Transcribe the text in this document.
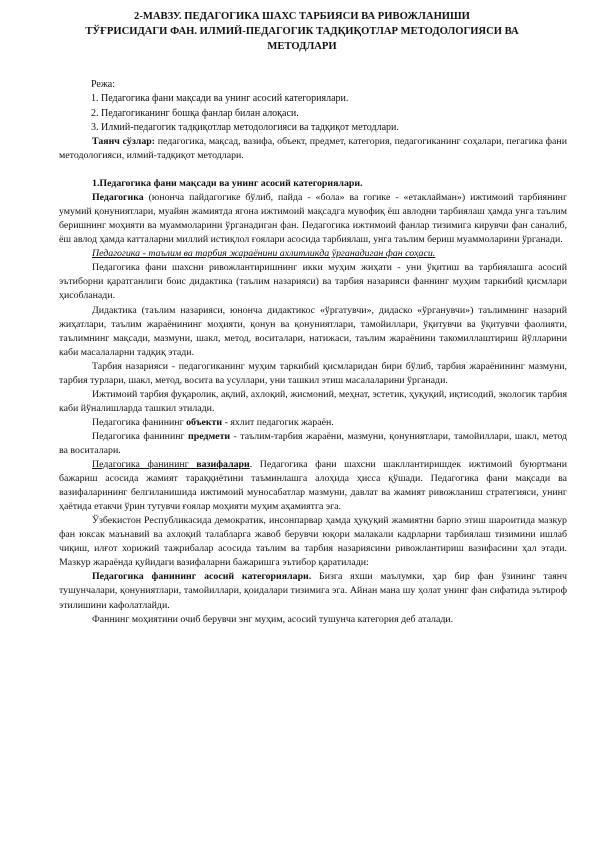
2-МАВЗУ. ПЕДАГОГИКА ШАХС ТАРБИЯСИ ВА РИВОЖЛАНИШИ
ТЎҒРИСИДАГИ ФАН. ИЛМИЙ-ПЕДАГОГИК ТАДҚИҚОТЛАР МЕТОДОЛОГИЯСИ ВА
МЕТОДЛАРИ
Режа:
1. Педагогика фани мақсади ва унинг асосий категориялари.
2. Педагогиканинг бошқа фанлар билан алоқаси.
3. Илмий-педагогик тадқиқотлар методологияси ва тадқиқот методлари.

Таянч сўзлар: педагогика, мақсад, вазифа, объект, предмет, категория, педагогиканинг соҳалари, пегагика фани методологияси, илмий-тадқиқот методлари.

1.Педагогика фани мақсади ва унинг асосий категориялари.

Педагогика (юнонча пайдагогике бўлиб, пайда - «бола» ва гогике - «етаклайман») ижтимоий тарбиянинг умумий қонуниятлари, муайян жамиятда ягона ижтимоий мақсадга мувофиқ ёш авлодни тарбиялаш ҳамда унга таълим беришнинг моҳияти ва муаммоларини ўрганадиган фан. Педагогика ижтимоий фанлар тизимига кирувчи фан саналиб, ёш авлод ҳамда катталарни миллий истиқлол ғоялари асосида тарбиялаш, унга таълим бериш муаммоларини ўрганади.

Педагогика - таълим ва тарбия жараёнини ахлитликда ўрганадиган фан соҳаси.

Педагогика фани шахсни ривожлантиришнинг икки муҳим жиҳати - уни ўқитиш ва тарбиялашга асосий эътиборни қаратганлиги боис дидактика (таълим назарияси) ва тарбия назарияси фаннинг муҳим таркибий қисмлари ҳисобланади.

Дидактика (таълим назарияси, юнонча дидактикос «ўргатувчи», дидаско «ўрганувчи») таълимнинг назарий жиҳатлари, таълим жараёнининг моҳияти, қонун ва қонуниятлари, тамойиллари, ўқитувчи ва ўқитувчи фаолияти, таълимнинг мақсади, мазмуни, шакл, метод, воситалари, натижаси, таълим жараёнини такомиллаштириш йўлларини каби масалаларни тадқиқ этади.

Тарбия назарияси - педагогиканинг муҳим таркибий қисмларидан бири бўлиб, тарбия жараёнининг мазмуни, тарбия турлари, шакл, метод, восита ва усуллари, уни ташкил этиш масалаларини ўрганади.

Ижтимоий тарбия фуқаролик, ақлий, ахлоқий, жисмоний, меҳнат, эстетик, ҳуқуқий, иқтисодий, экологик тарбия каби йўналишларда ташкил этилади.

Педагогика фанининг объекти - яхлит педагогик жараён.

Педагогика фанининг предмети - таълим-тарбия жараёни, мазмуни, қонуниятлари, тамойиллари, шакл, метод ва воситалари.

Педагогика фанининг вазифалари. Педагогика фани шахсни шакллантиришдек ижтимоий буюртмани бажариш асосида жамият тараққиётини таъминлашга алоҳида ҳисса қўшади. Педагогика фани мақсади ва вазифаларининг белгиланишида ижтимоий муносабатлар мазмуни, давлат ва жамият ривожланиш стратегияси, унинг ҳаётида етакчи ўрин тутувчи ғоялар моҳияти муҳим аҳамиятга эга.

Ўзбекистон Республикасида демократик, инсонпарвар ҳамда ҳуқуқий жамиятни барпо этиш шароитида мазкур фан юксак маънавий ва ахлоқий талабларга жавоб берувчи юқори малакали кадрларни тарбиялаш тизимини ишлаб чиқиш, илғот хорижий тажрибалар асосида таълим ва тарбия назариясини ривожлантириш вазифасини ҳал этади. Мазкур жараёнда қуйидаги вазифаларни бажаришга эътибор қаратилади:

Педагогика фанининг асосий категориялари. Бизга яхши маълумки, ҳар бир фан ўзининг таянч тушунчалари, қонуниятлари, тамойиллари, қоидалари тизимига эга. Айнан мана шу ҳолат унинг фан сифатида эътироф этилишини кафолатлайди.

Фаннинг моҳиятини очиб берувчи энг муҳим, асосий тушунча категория деб аталади.
